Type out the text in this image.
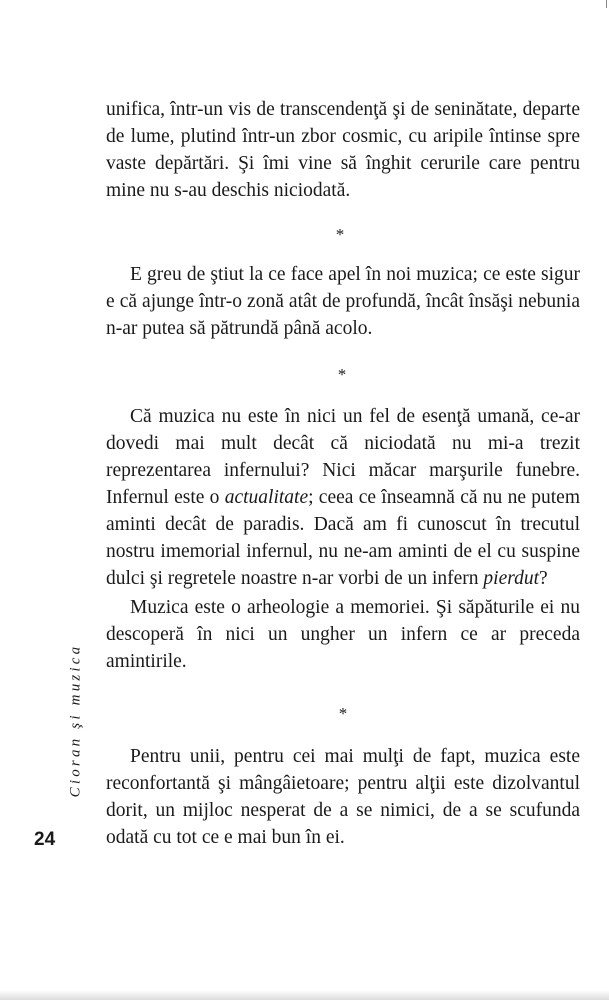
unifica, într-un vis de transcendenţă şi de seninătate, departe de lume, plutind într-un zbor cosmic, cu aripile întinse spre vaste depărtări. Şi îmi vine să înghit cerurile care pentru mine nu s-au deschis niciodată.

*

E greu de ştiut la ce face apel în noi muzica; ce este sigur e că ajunge într-o zonă atât de profundă, încât însăşi nebunia n-ar putea să pătrundă până acolo.

*

Că muzica nu este în nici un fel de esenţă umană, ce-ar dovedi mai mult decât că niciodată nu mi-a trezit reprezentarea infernului? Nici măcar marşurile funebre. Infernul este o actualitate; ceea ce înseamnă că nu ne putem aminti decât de paradis. Dacă am fi cunoscut în trecutul nostru imemorial infernul, nu ne-am aminti de el cu suspine dulci şi regretele noastre n-ar vorbi de un infern pierdut?

Muzica este o arheologie a memoriei. Şi săpăturile ei nu descoperă în nici un ungher un infern ce ar preceda amintirile.

*

Pentru unii, pentru cei mai mulţi de fapt, muzica este reconfortantă şi mângâietoare; pentru alţii este dizolvantul dorit, un mijloc nesperat de a se nimici, de a se scufunda odată cu tot ce e mai bun în ei.

Cioran şi muzica
24
